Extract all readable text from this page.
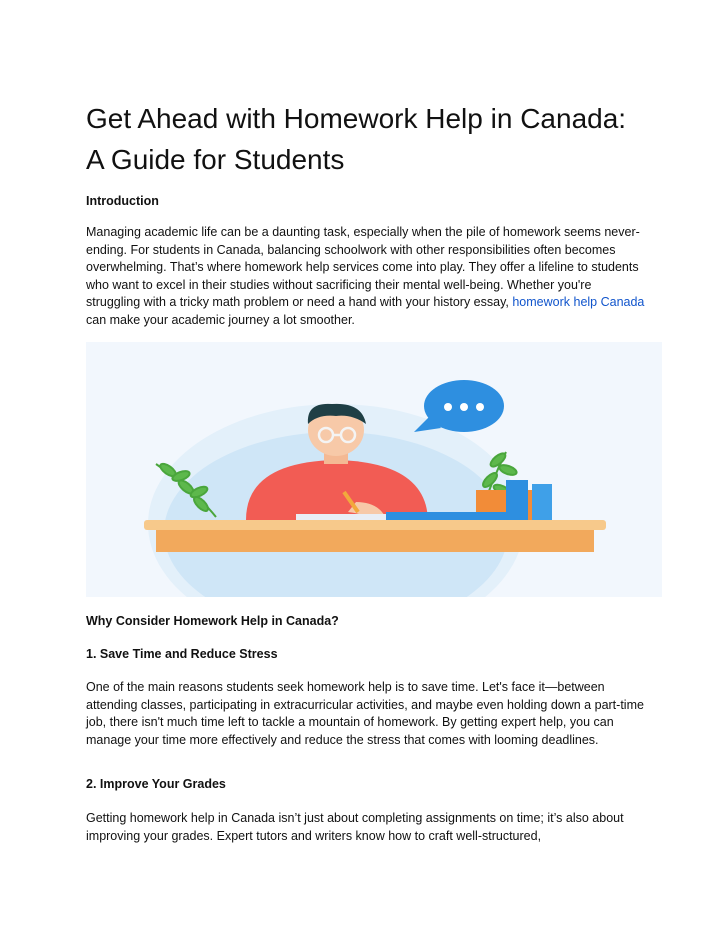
Get Ahead with Homework Help in Canada: A Guide for Students
Introduction

Managing academic life can be a daunting task, especially when the pile of homework seems never-ending. For students in Canada, balancing schoolwork with other responsibilities often becomes overwhelming. That’s where homework help services come into play. They offer a lifeline to students who want to excel in their studies without sacrificing their mental well-being. Whether you're struggling with a tricky math problem or need a hand with your history essay, homework help Canada can make your academic journey a lot smoother.

Why Consider Homework Help in Canada?
1. Save Time and Reduce Stress

One of the main reasons students seek homework help is to save time. Let's face it—between attending classes, participating in extracurricular activities, and maybe even holding down a part-time job, there isn't much time left to tackle a mountain of homework. By getting expert help, you can manage your time more effectively and reduce the stress that comes with looming deadlines.

2. Improve Your Grades

Getting homework help in Canada isn’t just about completing assignments on time; it’s also about improving your grades. Expert tutors and writers know how to craft well-structured,
